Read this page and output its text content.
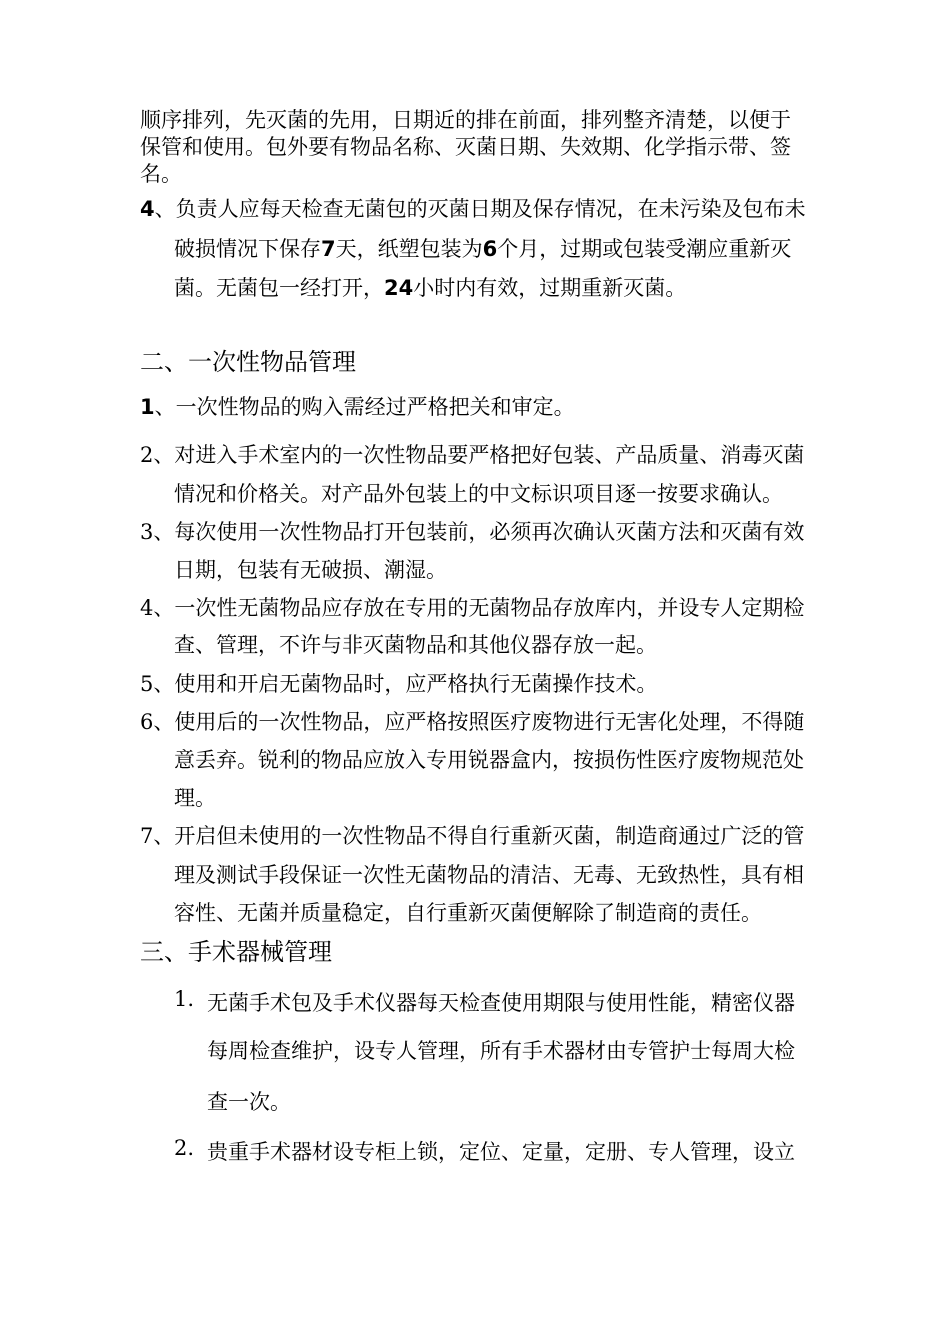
顺序排列，先灭菌的先用，日期近的排在前面，排列整齐清楚，以便于
保管和使用。包外要有物品名称、灭菌日期、失效期、化学指示带、签
名。
4、负责人应每天检查无菌包的灭菌日期及保存情况，在未污染及包布未
破损情况下保存7天，纸塑包装为6个月，过期或包装受潮应重新灭
菌。无菌包一经打开，24小时内有效，过期重新灭菌。
二、一次性物品管理
1、一次性物品的购入需经过严格把关和审定。
2、对进入手术室内的一次性物品要严格把好包装、产品质量、消毒灭菌
情况和价格关。对产品外包装上的中文标识项目逐一按要求确认。
3、每次使用一次性物品打开包装前，必须再次确认灭菌方法和灭菌有效
日期，包装有无破损、潮湿。
4、一次性无菌物品应存放在专用的无菌物品存放库内，并设专人定期检
查、管理，不许与非灭菌物品和其他仪器存放一起。
5、使用和开启无菌物品时，应严格执行无菌操作技术。
6、使用后的一次性物品，应严格按照医疗废物进行无害化处理，不得随
意丢弃。锐利的物品应放入专用锐器盒内，按损伤性医疗废物规范处
理。
7、开启但未使用的一次性物品不得自行重新灭菌，制造商通过广泛的管
理及测试手段保证一次性无菌物品的清洁、无毒、无致热性，具有相
容性、无菌并质量稳定，自行重新灭菌便解除了制造商的责任。
三、手术器械管理
1. 无菌手术包及手术仪器每天检查使用期限与使用性能，精密仪器
每周检查维护，设专人管理，所有手术器材由专管护士每周大检
查一次。
2. 贵重手术器材设专柜上锁，定位、定量，定册、专人管理，设立
